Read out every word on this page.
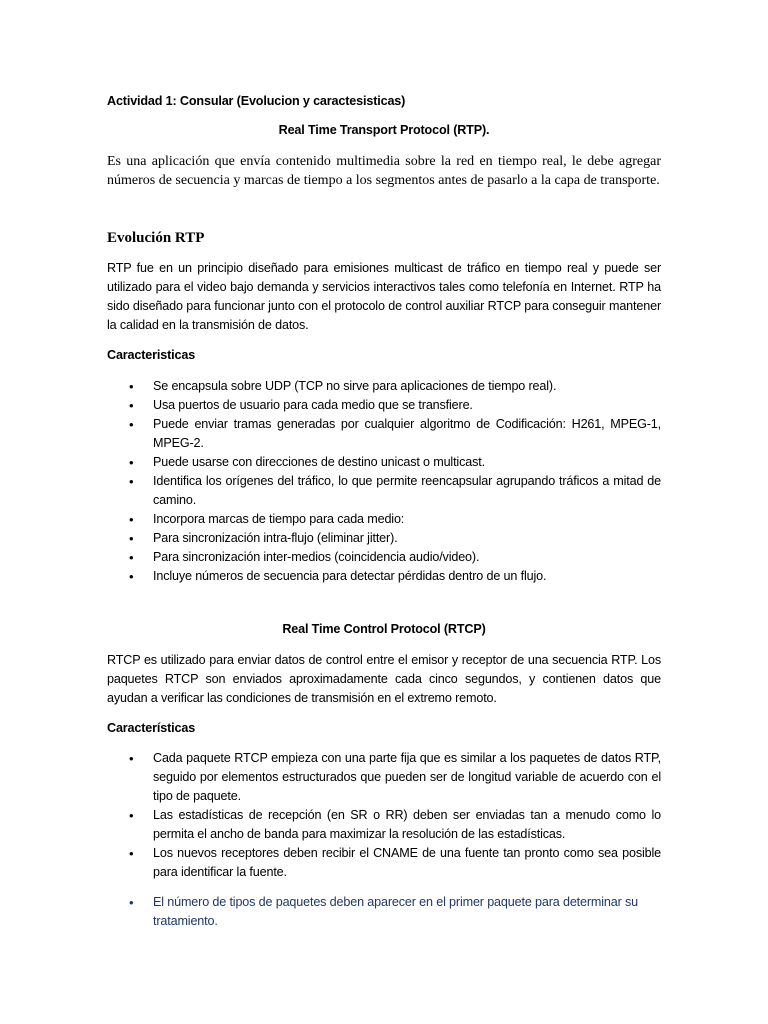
Actividad 1: Consular (Evolucion y caractesisticas)
Real Time Transport Protocol (RTP).
Es una aplicación que envía contenido multimedia sobre la red en tiempo real, le debe agregar números de secuencia y marcas de tiempo a los segmentos antes de pasarlo a la capa de transporte.
Evolución RTP
RTP fue en un principio diseñado para emisiones multicast de tráfico en tiempo real y puede ser utilizado para el video bajo demanda y servicios interactivos tales como telefonía en Internet. RTP ha sido diseñado para funcionar junto con el protocolo de control auxiliar RTCP para conseguir mantener la calidad en la transmisión de datos.
Caracteristicas
• Se encapsula sobre UDP (TCP no sirve para aplicaciones de tiempo real).
• Usa puertos de usuario para cada medio que se transfiere.
• Puede enviar tramas generadas por cualquier algoritmo de Codificación: H261, MPEG-1, MPEG-2.
• Puede usarse con direcciones de destino unicast o multicast.
• Identifica los orígenes del tráfico, lo que permite reencapsular agrupando tráficos a mitad de camino.
• Incorpora marcas de tiempo para cada medio:
• Para sincronización intra-flujo (eliminar jitter).
• Para sincronización inter-medios (coincidencia audio/video).
• Incluye números de secuencia para detectar pérdidas dentro de un flujo.
Real Time Control Protocol (RTCP)
RTCP es utilizado para enviar datos de control entre el emisor y receptor de una secuencia RTP. Los paquetes RTCP son enviados aproximadamente cada cinco segundos, y contienen datos que ayudan a verificar las condiciones de transmisión en el extremo remoto.
Características
• Cada paquete RTCP empieza con una parte fija que es similar a los paquetes de datos RTP, seguido por elementos estructurados que pueden ser de longitud variable de acuerdo con el tipo de paquete.
• Las estadísticas de recepción (en SR o RR) deben ser enviadas tan a menudo como lo permita el ancho de banda para maximizar la resolución de las estadísticas.
• Los nuevos receptores deben recibir el CNAME de una fuente tan pronto como sea posible para identificar la fuente.
• El número de tipos de paquetes deben aparecer en el primer paquete para determinar su tratamiento.
